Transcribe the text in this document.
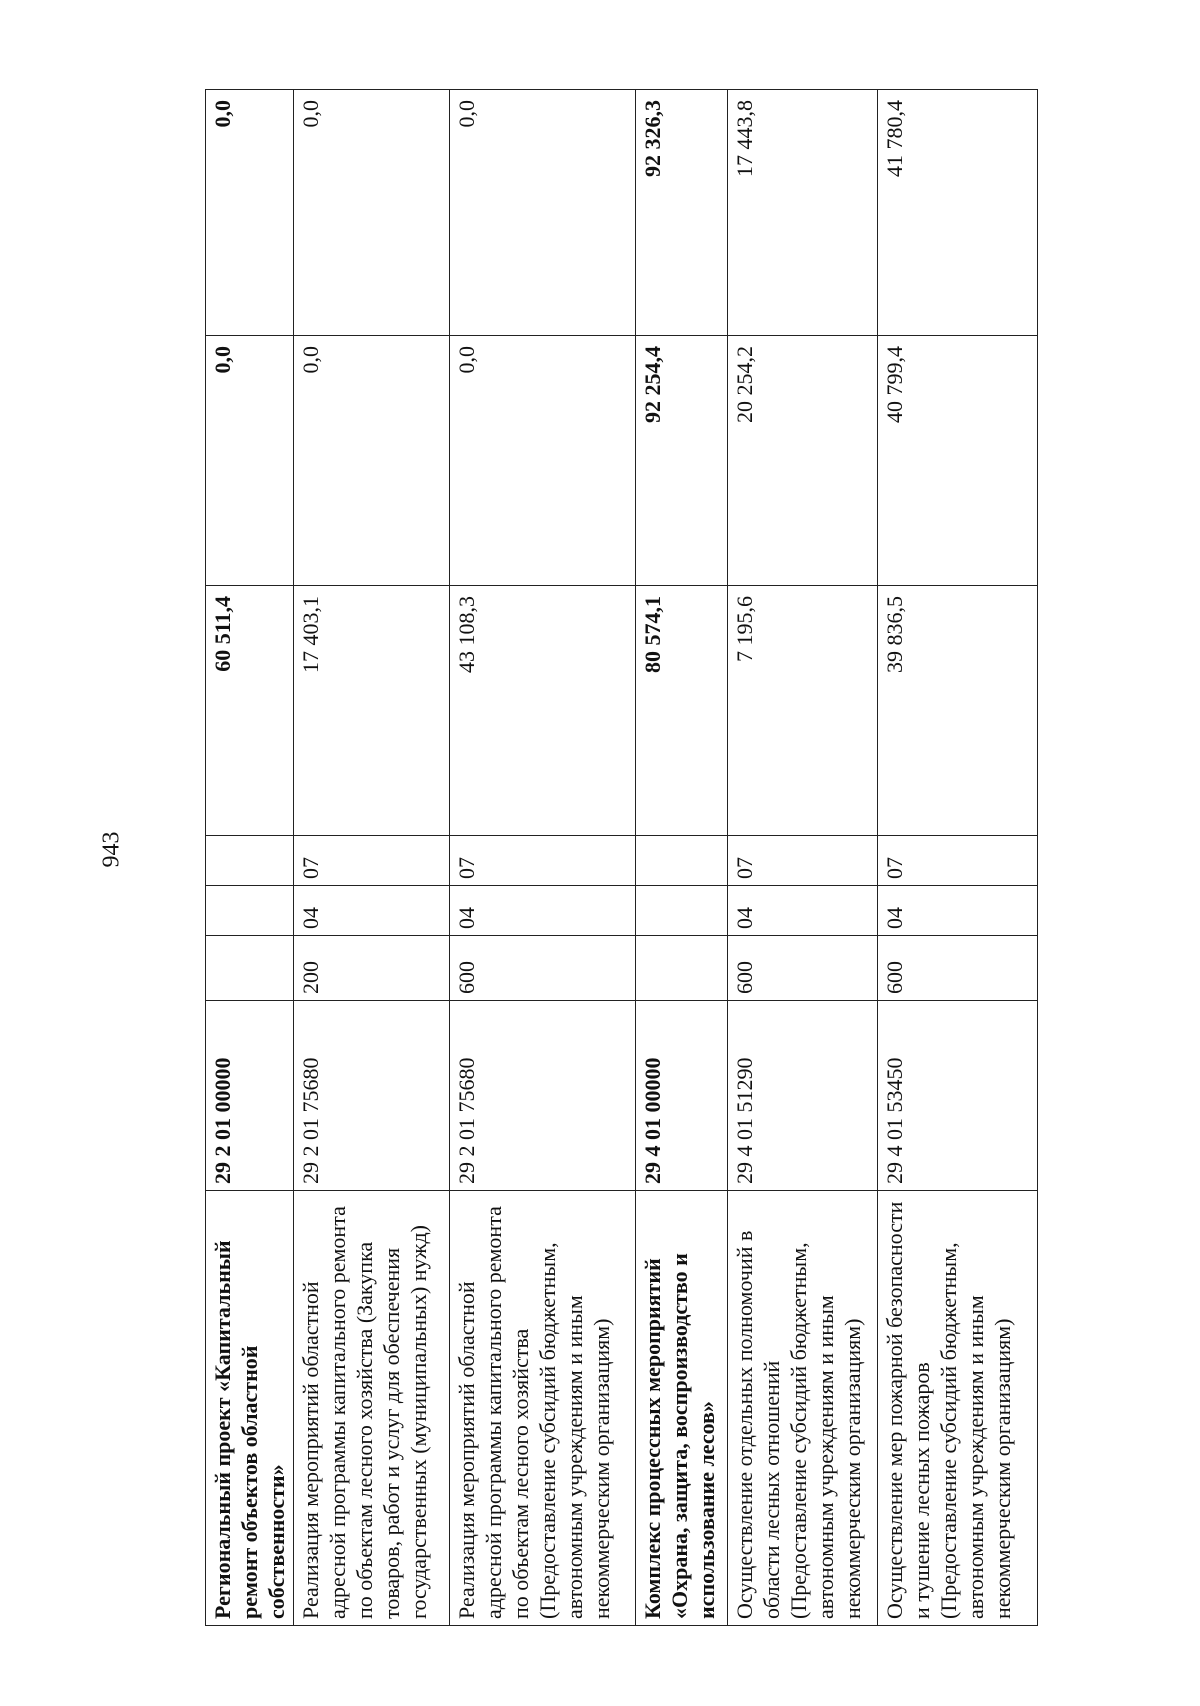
943
Региональный проект «Капитальный ремонт объектов областной собственности»	29 2 01 00000				60 511,4	0,0	0,0
Реализация мероприятий областной адресной программы капитального ремонта по объектам лесного хозяйства (Закупка товаров, работ и услуг для обеспечения государственных (муниципальных) нужд)	29 2 01 75680	200	04	07	17 403,1	0,0	0,0
Реализация мероприятий областной адресной программы капитального ремонта по объектам лесного хозяйства (Предоставление субсидий бюджетным, автономным учреждениям и иным некоммерческим организациям)	29 2 01 75680	600	04	07	43 108,3	0,0	0,0
Комплекс процессных мероприятий «Охрана, защита, воспроизводство и использование лесов»	29 4 01 00000				80 574,1	92 254,4	92 326,3
Осуществление отдельных полномочий в области лесных отношений (Предоставление субсидий бюджетным, автономным учреждениям и иным некоммерческим организациям)	29 4 01 51290	600	04	07	7 195,6	20 254,2	17 443,8
Осуществление мер пожарной безопасности и тушение лесных пожаров (Предоставление субсидий бюджетным, автономным учреждениям и иным некоммерческим организациям)	29 4 01 53450	600	04	07	39 836,5	40 799,4	41 780,4
